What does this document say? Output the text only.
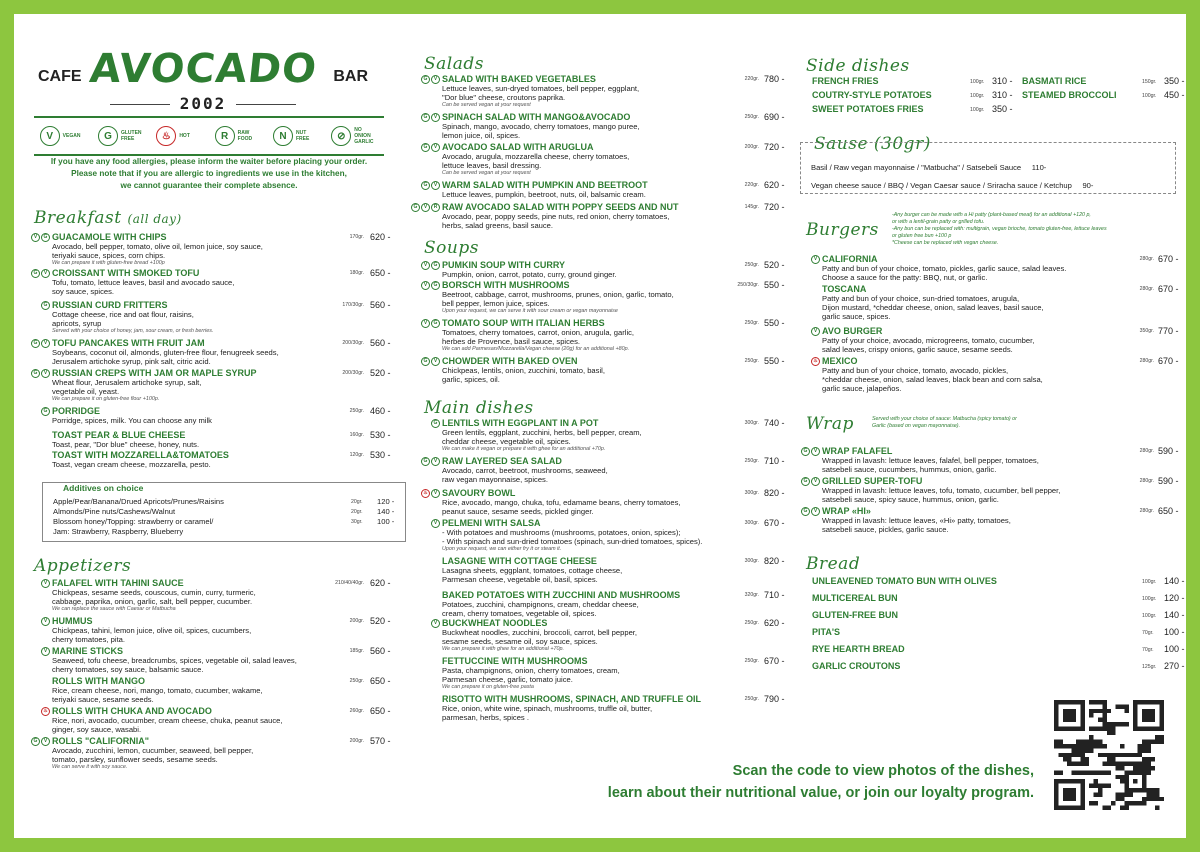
CAFE AVOCADO BAR
2002
V	VEGAN	G	GLUTEN FREE	♨	HOT	R	RAW FOOD	N	NUT FREE	⊘
NO ONION GARLIC
If you have any food allergies, please inform the waiter before placing your order.
Please note that if you are allergic to ingredients we use in the kitchen,
we cannot guarantee their complete absence.
Breakfast (all day)
Appetizers
Salads
Soups
Main dishes
Side dishes
Sause (30gr)
Burgers
Wrap
Bread
V	G GUACAMOLE WITH CHIPS
Avocado, bell pepper, tomato, olive oil, lemon juice, soy sauce,
teriyaki sauce, spices, corn chips.
We can prepare it with gluten-free bread +100p
170gr. 620 -
G	V CROISSANT WITH SMOKED TOFU
Tofu, tomato, lettuce leaves, basil and avocado sauce,
soy sauce, spices.
180gr. 650 -
G RUSSIAN CURD FRITTERS
Cottage cheese, rice and oat flour, raisins,
apricots, syrup
Served with your choice of honey, jam, sour cream, or fresh berries.
170/30gr. 560 -
G	V TOFU PANCAKES WITH FRUIT JAM
Soybeans, coconut oil, almonds, gluten-free flour, fenugreek seeds,
Jerusalem artichoke syrup, pink salt, citric acid.
200/30gr. 560 -
G	V RUSSIAN CREPS WITH JAM OR MAPLE SYRUP
Wheat flour, Jerusalem artichoke syrup, salt,
vegetable oil, yeast.
We can prepare it on gluten-free flour +100p.
200/30gr. 520 -
G PORRIDGE
Porridge, spices, milk. You can choose any milk
250gr. 460 -
TOAST PEAR & BLUE CHEESE
Toast, pear, "Dor blue" cheese, honey, nuts.
160gr. 530 -
TOAST WITH MOZZARELLA&TOMATOES
Toast, vegan cream cheese, mozzarella, pesto.
120gr. 530 -
V FALAFEL WITH TAHINI SAUCE
Chickpeas, sesame seeds, couscous, cumin, curry, turmeric,
cabbage, paprika, onion, garlic, salt, bell pepper, cucumber.
We can replace the sauce with Caesar or Matbucha
210/40/40gr. 620 -
V HUMMUS
Chickpeas, tahini, lemon juice, olive oil, spices, cucumbers,
cherry tomatoes, pita.
200gr. 520 -
V MARINE STICKS
Seaweed, tofu cheese, breadcrumbs, spices, vegetable oil, salad leaves,
cherry tomatoes, soy sauce, balsamic sauce.
185gr. 560 -
ROLLS WITH MANGO
Rice, cream cheese, nori, mango, tomato, cucumber, wakame,
teriyaki sauce, sesame seeds.
250gr. 650 -
♨ ROLLS WITH CHUKA AND AVOCADO
Rice, nori, avocado, cucumber, cream cheese, chuka, peanut sauce,
ginger, soy sauce, wasabi.
260gr. 650 -
G	V ROLLS "CALIFORNIA"
Avocado, zucchini, lemon, cucumber, seaweed, bell pepper,
tomato, parsley, sunflower seeds, sesame seeds.
We can serve it with soy sauce.
200gr. 570 -
G	V SALAD WITH BAKED VEGETABLES
Lettuce leaves, sun-dryed tomatoes, bell pepper, eggplant,
"Dor blue" cheese, croutons paprika.
Can be served vegan at your request
220gr. 780 -
G	V SPINACH SALAD WITH MANGO&AVOCADO
Spinach, mango, avocado, cherry tomatoes, mango puree,
lemon juice, oil, spices.
250gr. 690 -
G	V AVOCADO SALAD WITH ARUGLUA
Avocado, arugula, mozzarella cheese, cherry tomatoes,
lettuce leaves, basil dressing.
Can be served vegan at your request
200gr. 720 -
G	V WARM SALAD WITH PUMPKIN AND BEETROOT
Lettuce leaves, pumpkin, beetroot, nuts, oil, balsamic cream.
220gr. 620 -
G	V	R RAW AVOCADO SALAD WITH POPPY SEEDS AND NUT
Avocado, pear, poppy seeds, pine nuts, red onion, cherry tomatoes,
herbs, salad greens, basil sauce.
145gr. 720 -
V	G PUMKIN SOUP WITH CURRY
Pumpkin, onion, carrot, potato, curry, ground ginger.
250gr. 520 -
V	G BORSCH WITH MUSHROOMS
Beetroot, cabbage, carrot, mushrooms, prunes, onion, garlic, tomato,
bell pepper, lemon juice, spices.
Upon your request, we can serve it with sour cream or vegan mayonnaise
250/30gr. 550 -
V	G TOMATO SOUP WITH ITALIAN HERBS
Tomatoes, cherry tomatoes, carrot, onion, arugula, garlic,
herbes de Provence, basil sauce, spices.
We can add Parmesan/Mozzarella/Vegan cheese (20g) for an additional +80p.
250gr. 550 -
G	V CHOWDER WITH BAKED OVEN
Chickpeas, lentils, onion, zucchini, tomato, basil,
garlic, spices, oil.
250gr. 550 -
G LENTILS WITH EGGPLANT IN A POT
Green lentils, eggplant, zucchini, herbs, bell pepper, cream,
cheddar cheese, vegetable oil, spices.
We can make it vegan or prepare it with ghee for an additional +70p.
300gr. 740 -
G	V RAW LAYERED SEA SALAD
Avocado, carrot, beetroot, mushrooms, seaweed,
raw vegan mayonnaise, spices.
250gr. 710 -
♨	V SAVOURY BOWL
Rice, avocado, mango, chuka, tofu, edamame beans, cherry tomatoes,
peanut sauce, sesame seeds, pickled ginger.
300gr. 820 -
V PELMENI WITH SALSA
- With potatoes and mushrooms (mushrooms, potatoes, onion, spices);
- With spinach and sun-dried tomatoes (spinach, sun-dried tomatoes, spices).
Upon your request, we can either fry it or steam it.
300gr. 670 -
LASAGNE WITH COTTAGE CHEESE
Lasagna sheets, eggplant, tomatoes, cottage cheese,
Parmesan cheese, vegetable oil, basil, spices.
300gr. 820 -
BAKED POTATOES WITH ZUCCHINI AND MUSHROOMS
Potatoes, zucchini, champignons, cream, cheddar cheese,
cream, cherry tomatoes, vegetable oil, spices.
320gr. 710 -
V BUCKWHEAT NOODLES
Buckwheat noodles, zucchini, broccoli, carrot, bell pepper,
sesame seeds, sesame oil, soy sauce, spices.
We can prepare it with ghee for an additional +70p.
250gr. 620 -
FETTUCCINE WITH MUSHROOMS
Pasta, champignons, onion, cherry tomatoes, cream,
Parmesan cheese, garlic, tomato juice.
We can prepare it on gluten-free pasta
250gr. 670 -
RISOTTO WITH MUSHROOMS, SPINACH, AND TRUFFLE OIL
Rice, onion, white wine, spinach, mushrooms, truffle oil, butter,
parmesan, herbs, spices .
250gr. 790 -
V CALIFORNIA
Patty and bun of your choice, tomato, pickles, garlic sauce, salad leaves.
Choose a sauce for the patty: BBQ, nut, or garlic.
280gr. 670 -
TOSCANA
Patty and bun of your choice, sun-dried tomatoes, arugula,
Dijon mustard, *cheddar cheese, onion, salad leaves, basil sauce,
garlic sauce, spices.
280gr. 670 -
V AVO BURGER
Patty of your choice, avocado, microgreens, tomato, cucumber,
salad leaves, crispy onions, garlic sauce, sesame seeds.
350gr. 770 -
♨ MEXICO
Patty and bun of your choice, tomato, avocado, pickles,
*cheddar cheese, onion, salad leaves, black bean and corn salsa,
garlic sauce, jalapeños.
280gr. 670 -
G	V WRAP FALAFEL
Wrapped in lavash: lettuce leaves, falafel, bell pepper, tomatoes,
satsebeli sauce, cucumbers, hummus, onion, garlic.
280gr. 590 -
G	V GRILLED SUPER-TOFU
Wrapped in lavash: lettuce leaves, tofu, tomato, cucumber, bell pepper,
satsebeli sauce, spicy sauce, hummus, onion, garlic.
280gr. 590 -
G	V WRAP «HI»
Wrapped in lavash: lettuce leaves, «Hi» patty, tomatoes,
satsebeli sauce, pickles, garlic sauce.
280gr. 650 -
Additives on choice
Apple/Pear/Banana/Drued Apricots/Prunes/Raisins	20gr. 120 -
Almonds/Pine nuts/Cashews/Walnut	20gr. 140 -
Blossom honey/Topping: strawberry or caramel/	30gr. 100 -
Jam: Strawberry, Raspberry, Blueberry
FRENCH FRIES	100gr. 310 -
COUTRY-STYLE POTATOES	100gr. 310 -
SWEET POTATOES FRIES	100gr. 350 -
BASMATI RICE	150gr. 350 -
STEAMED BROCCOLI	100gr. 450 -
Basil / Raw vegan mayonnaise / "Matbucha" / Satsebeli Sauce 110-
Vegan cheese sauce / BBQ / Vegan Caesar sauce / Sriracha sauce / Ketchup 90-
-Any burger can be made with a Hi patty (plant-based meat) for an additional +120 p,
or with a lentil-grain patty or grilled tofu.
-Any bun can be replaced with: multigrain, vegan brioche, tomato gluten-free, lettuce leaves
or gluten free bun +100 p
*Cheese can be replaced with vegan cheese.
Served with your choice of sauce: Matbucha (spicy tomato) or
Garlic (based on vegan mayonnaise).
UNLEAVENED TOMATO BUN WITH OLIVES	100gr. 140 -
MULTICEREAL BUN	100gr. 120 -
GLUTEN-FREE BUN	100gr. 140 -
PITA'S	70gr. 100 -
RYE HEARTH BREAD	70gr. 100 -
GARLIC CROUTONS	125gr. 270 -
Scan the code to view photos of the dishes,
learn about their nutritional value, or join our loyalty program.
